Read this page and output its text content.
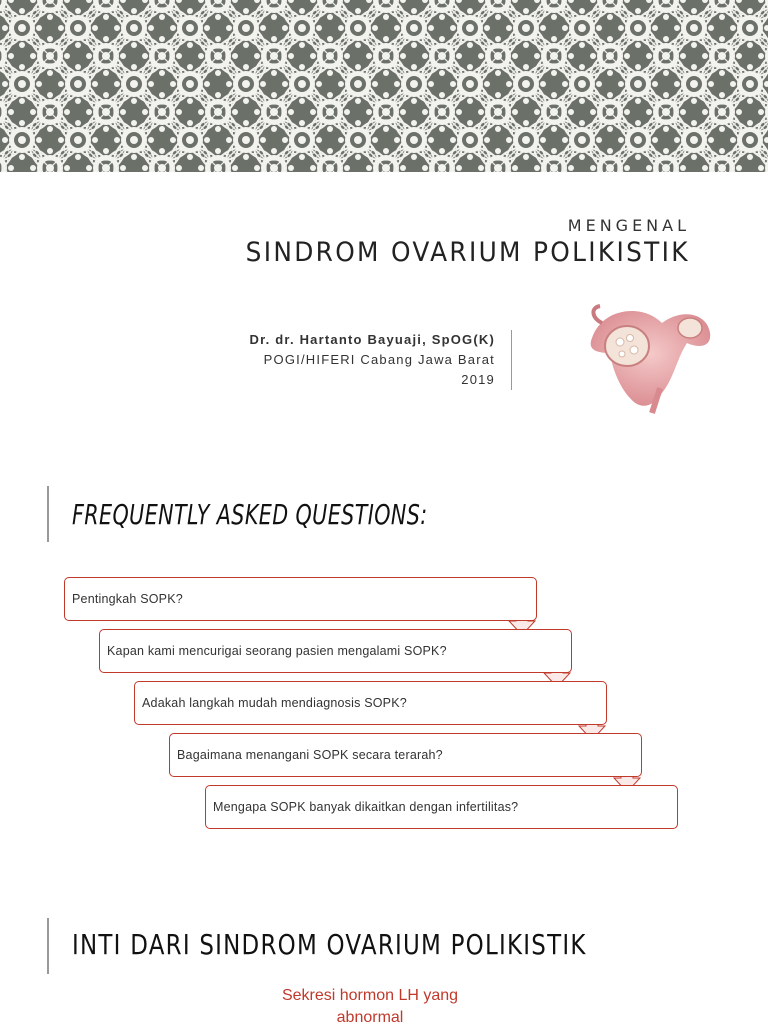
MENGENAL
SINDROM OVARIUM POLIKISTIK
Dr. dr. Hartanto Bayuaji, SpOG(K)
POGI/HIFERI Cabang Jawa Barat
2019
FREQUENTLY ASKED QUESTIONS:
Pentingkah SOPK?
Kapan kami mencurigai seorang pasien mengalami SOPK?
Adakah langkah mudah mendiagnosis SOPK?
Bagaimana menangani SOPK secara terarah?
Mengapa SOPK banyak dikaitkan dengan infertilitas?
INTI DARI SINDROM OVARIUM POLIKISTIK
Sekresi hormon LH yang
abnormal
